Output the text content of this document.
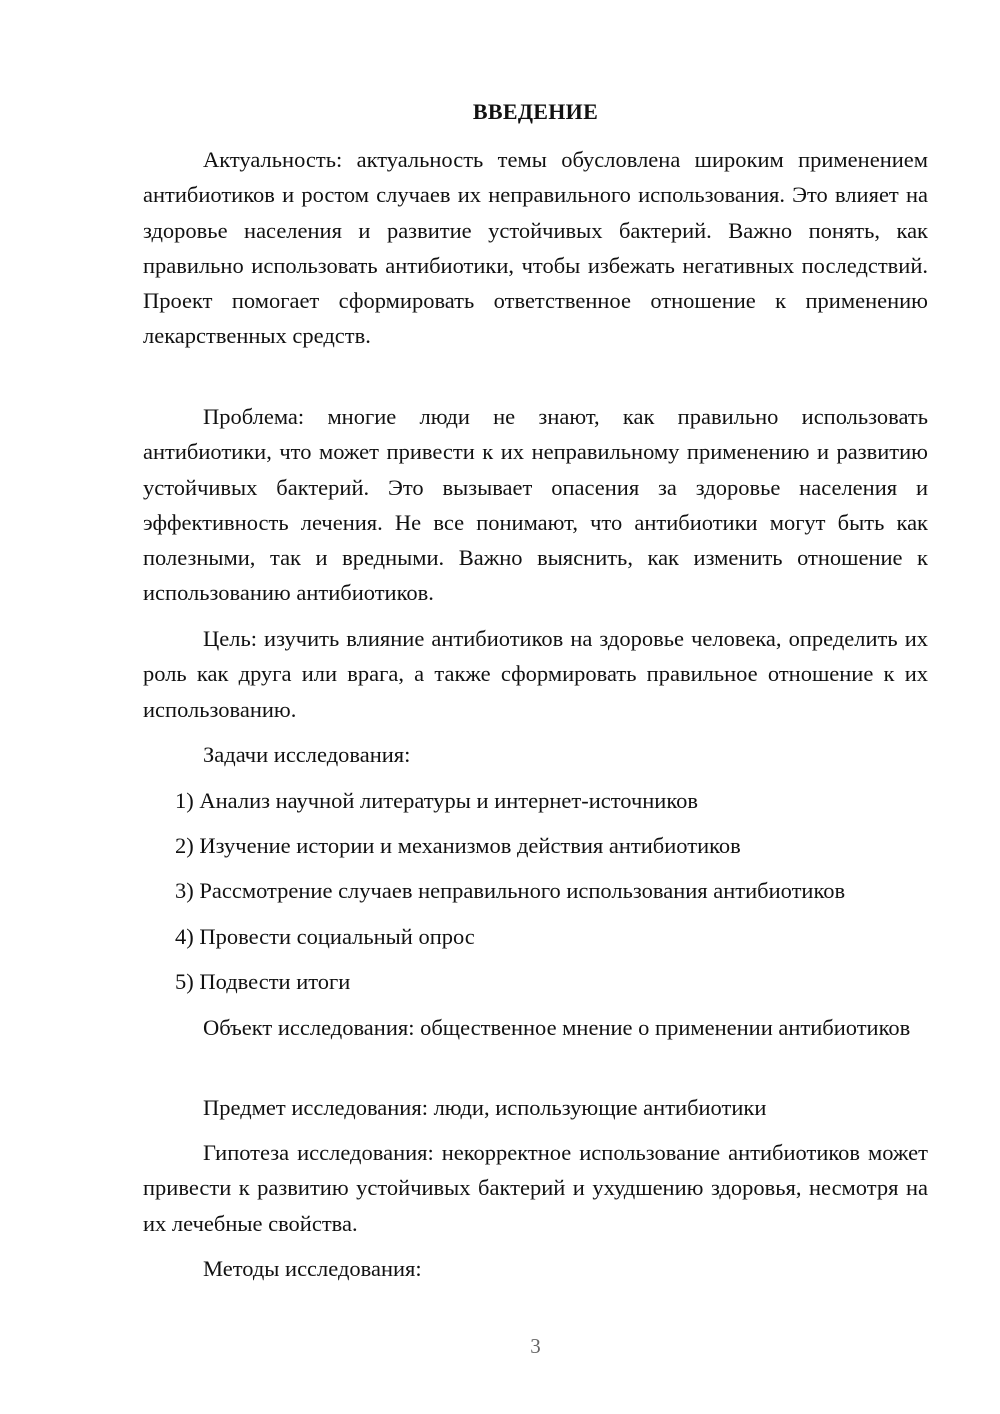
ВВЕДЕНИЕ

Актуальность: актуальность темы обусловлена широким применением антибиотиков и ростом случаев их неправильного использования. Это влияет на здоровье населения и развитие устойчивых бактерий. Важно понять, как правильно использовать антибиотики, чтобы избежать негативных последствий. Проект помогает сформировать ответственное отношение к применению лекарственных средств.

Проблема: многие люди не знают, как правильно использовать антибиотики, что может привести к их неправильному применению и развитию устойчивых бактерий. Это вызывает опасения за здоровье населения и эффективность лечения. Не все понимают, что антибиотики могут быть как полезными, так и вредными. Важно выяснить, как изменить отношение к использованию антибиотиков.

Цель: изучить влияние антибиотиков на здоровье человека, определить их роль как друга или врага, а также сформировать правильное отношение к их использованию.

Задачи исследования:

1) Анализ научной литературы и интернет-источников

2) Изучение истории и механизмов действия антибиотиков

3) Рассмотрение случаев неправильного использования антибиотиков

4) Провести социальный опрос

5) Подвести итоги

Объект исследования: общественное мнение о применении антибиотиков

Предмет исследования: люди, использующие антибиотики

Гипотеза исследования: некорректное использование антибиотиков может привести к развитию устойчивых бактерий и ухудшению здоровья, несмотря на их лечебные свойства.

Методы исследования:

3
